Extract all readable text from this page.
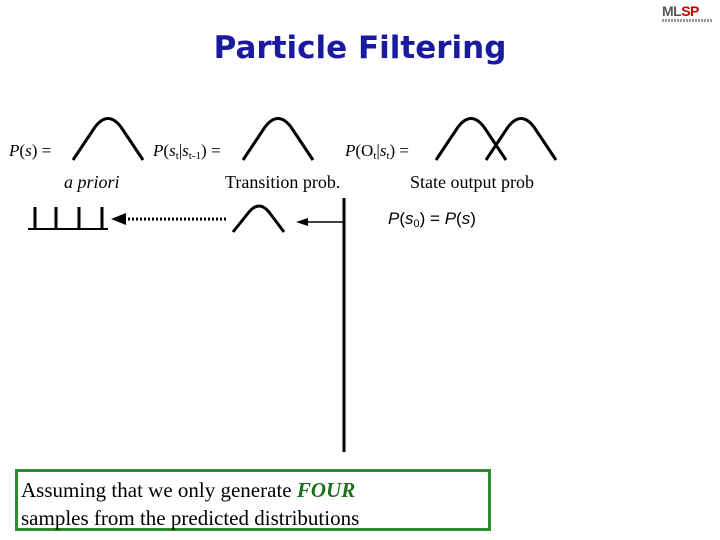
Particle Filtering
MLSP
P(s) =	$P(s_t|s_{t-1})$ =	$P(O_t|s_t)$ =
a priori	Transition prob.	State output prob
$P(s_0) = P(s)$
Assuming that we only generate FOUR
samples from the predicted distributions
